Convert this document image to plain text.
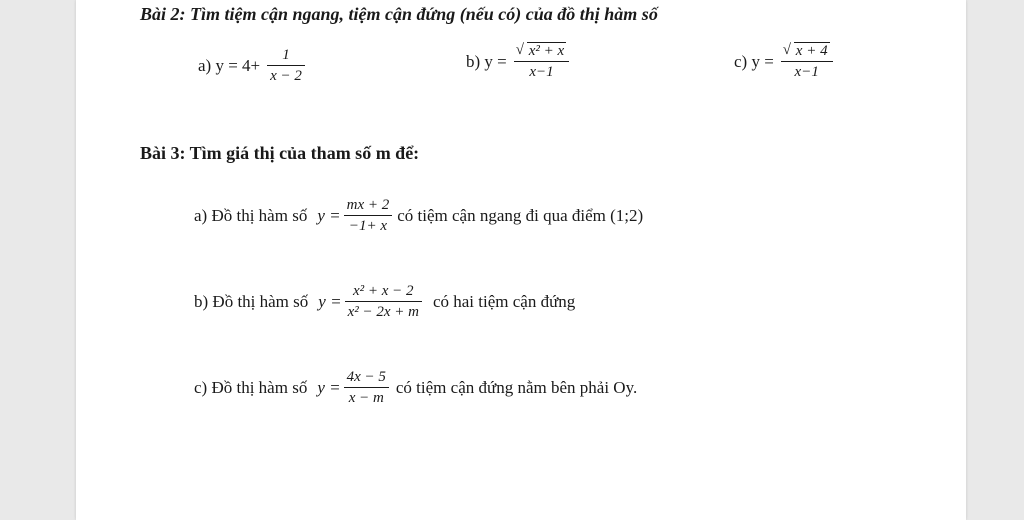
Bài 2: Tìm tiệm cận ngang, tiệm cận đứng (nếu có) của đồ thị hàm số
a) $y = 4+ \frac{1}{x - 2}$	b) y = √ $\frac{\text{x² + x}}{x-1}$	c) y = √ $\frac{x + 4}{x-1}$
Bài 3: Tìm giá thị của tham số m để:
a) Đồ thị hàm số $y = \frac{mx + 2}{-1+ x}$ có tiệm cận ngang đi qua điểm (1;2)
b) Đồ thị hàm số $y = \frac{\text{x² + x − 2}}{\text{x² − 2x + m}}$ có hai tiệm cận đứng
c) Đồ thị hàm số $y = \frac{4x - 5}{x - m}$ có tiệm cận đứng nằm bên phải Oy.
